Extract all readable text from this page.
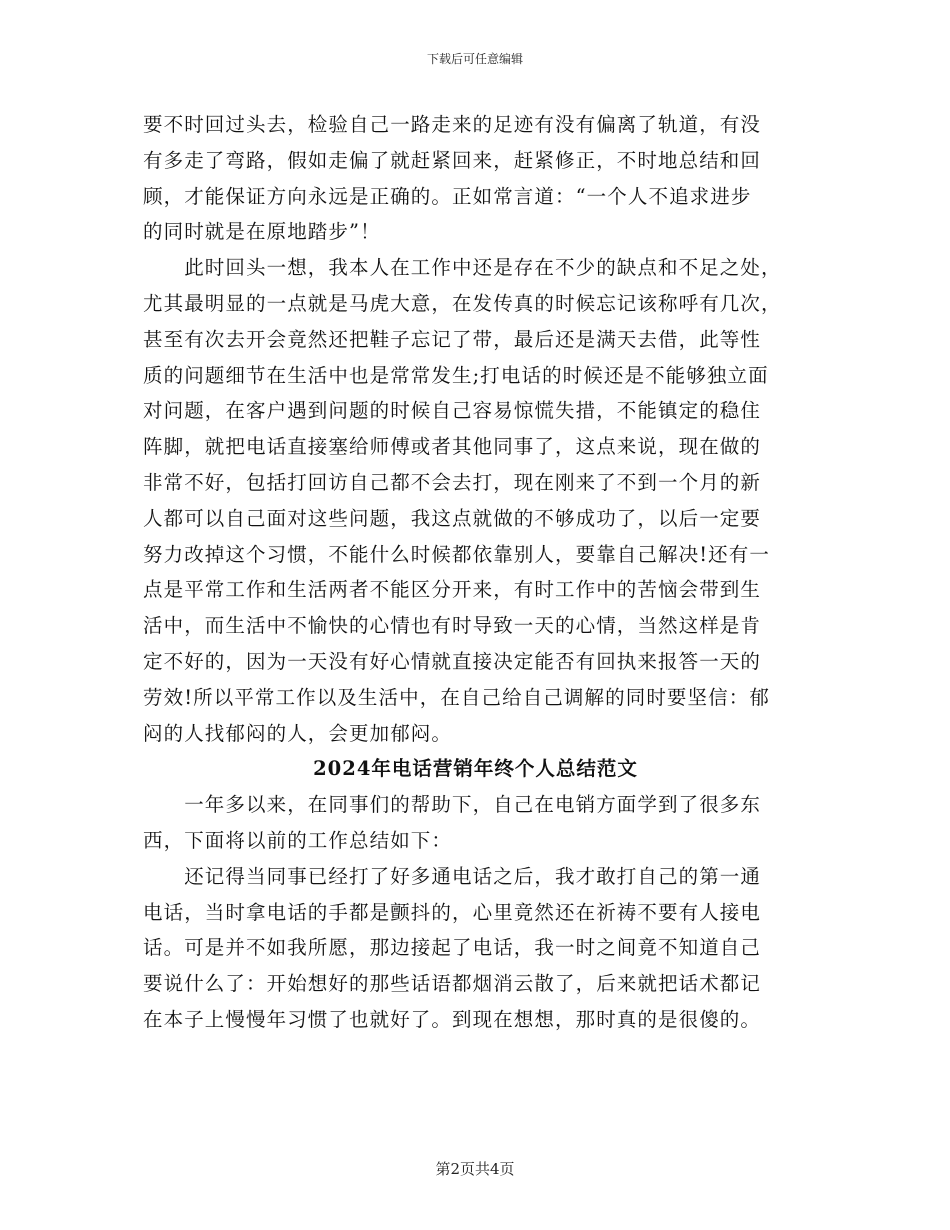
下载后可任意编辑
要不时回过头去，检验自己一路走来的足迹有没有偏离了轨道，有没
有多走了弯路，假如走偏了就赶紧回来，赶紧修正，不时地总结和回
顾，才能保证方向永远是正确的。正如常言道：“一个人不追求进步
的同时就是在原地踏步”！
　　此时回头一想，我本人在工作中还是存在不少的缺点和不足之处，
尤其最明显的一点就是马虎大意，在发传真的时候忘记该称呼有几次，
甚至有次去开会竟然还把鞋子忘记了带，最后还是满天去借，此等性
质的问题细节在生活中也是常常发生;打电话的时候还是不能够独立面
对问题，在客户遇到问题的时候自己容易惊慌失措，不能镇定的稳住
阵脚，就把电话直接塞给师傅或者其他同事了，这点来说，现在做的
非常不好，包括打回访自己都不会去打，现在刚来了不到一个月的新
人都可以自己面对这些问题，我这点就做的不够成功了，以后一定要
努力改掉这个习惯，不能什么时候都依靠别人，要靠自己解决!还有一
点是平常工作和生活两者不能区分开来，有时工作中的苦恼会带到生
活中，而生活中不愉快的心情也有时导致一天的心情，当然这样是肯
定不好的，因为一天没有好心情就直接决定能否有回执来报答一天的
劳效!所以平常工作以及生活中，在自己给自己调解的同时要坚信：郁
闷的人找郁闷的人，会更加郁闷。
2024年电话营销年终个人总结范文
　　一年多以来，在同事们的帮助下，自己在电销方面学到了很多东
西，下面将以前的工作总结如下：
　　还记得当同事已经打了好多通电话之后，我才敢打自己的第一通
电话，当时拿电话的手都是颤抖的，心里竟然还在祈祷不要有人接电
话。可是并不如我所愿，那边接起了电话，我一时之间竟不知道自己
要说什么了：开始想好的那些话语都烟消云散了，后来就把话术都记
在本子上慢慢年习惯了也就好了。到现在想想，那时真的是很傻的。
第2页共4页
